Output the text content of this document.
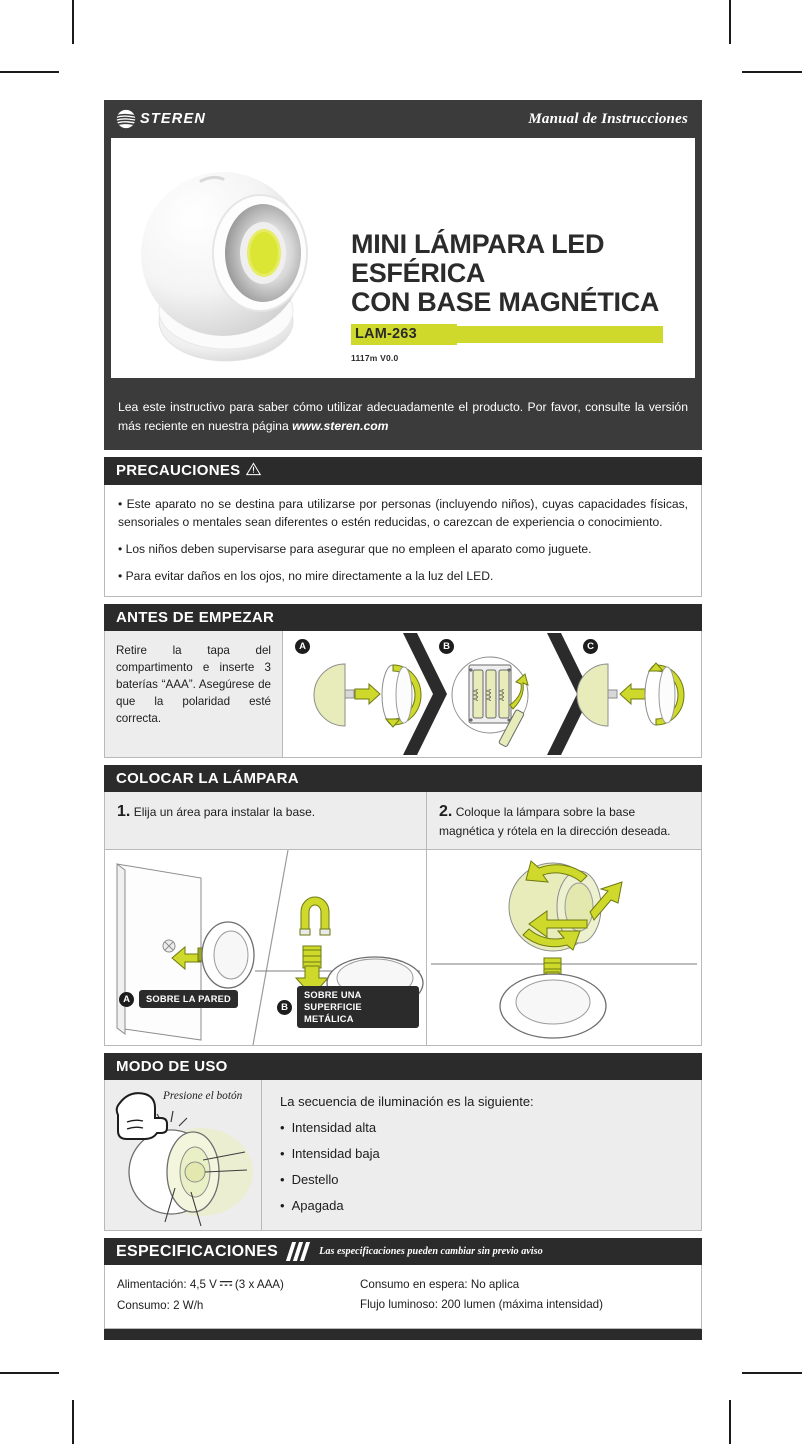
STEREN	Manual de Instrucciones
MINI LÁMPARA LED ESFÉRICA
CON BASE MAGNÉTICA
LAM-263
1117m V0.0
Lea este instructivo para saber cómo utilizar adecuadamente el producto. Por favor, consulte la versión más reciente en nuestra página www.steren.com
PRECAUCIONES

• Este aparato no se destina para utilizarse por personas (incluyendo niños), cuyas capacidades físicas, sensoriales o mentales sean diferentes o estén reducidas, o carezcan de experiencia o conocimiento.

• Los niños deben supervisarse para asegurar que no empleen el aparato como juguete.

• Para evitar daños en los ojos, no mire directamente a la luz del LED.

ANTES DE EMPEZAR
Retire la tapa del compartimento e inserte 3 baterías “AAA”. Asegúrese de que la polaridad esté correcta.
AAA AAA AAA
A	B	C
COLOCAR LA LÁMPARA
1. Elija un área para instalar la base.	2. Coloque la lámpara sobre la base magnética y rótela en la dirección deseada.
A	SOBRE LA PARED
B
SOBRE UNA SUPERFICIE METÁLICA
MODO DE USO
Presione el botón	La secuencia de iluminación es la siguiente:
• Intensidad alta
• Intensidad baja
• Destello
• Apagada
ESPECIFICACIONES	Las especificaciones pueden cambiar sin previo aviso
Alimentación: 4,5 V (3 x AAA)
Consumo: 2 W/h
Consumo en espera: No aplica
Flujo luminoso: 200 lumen (máxima intensidad)
